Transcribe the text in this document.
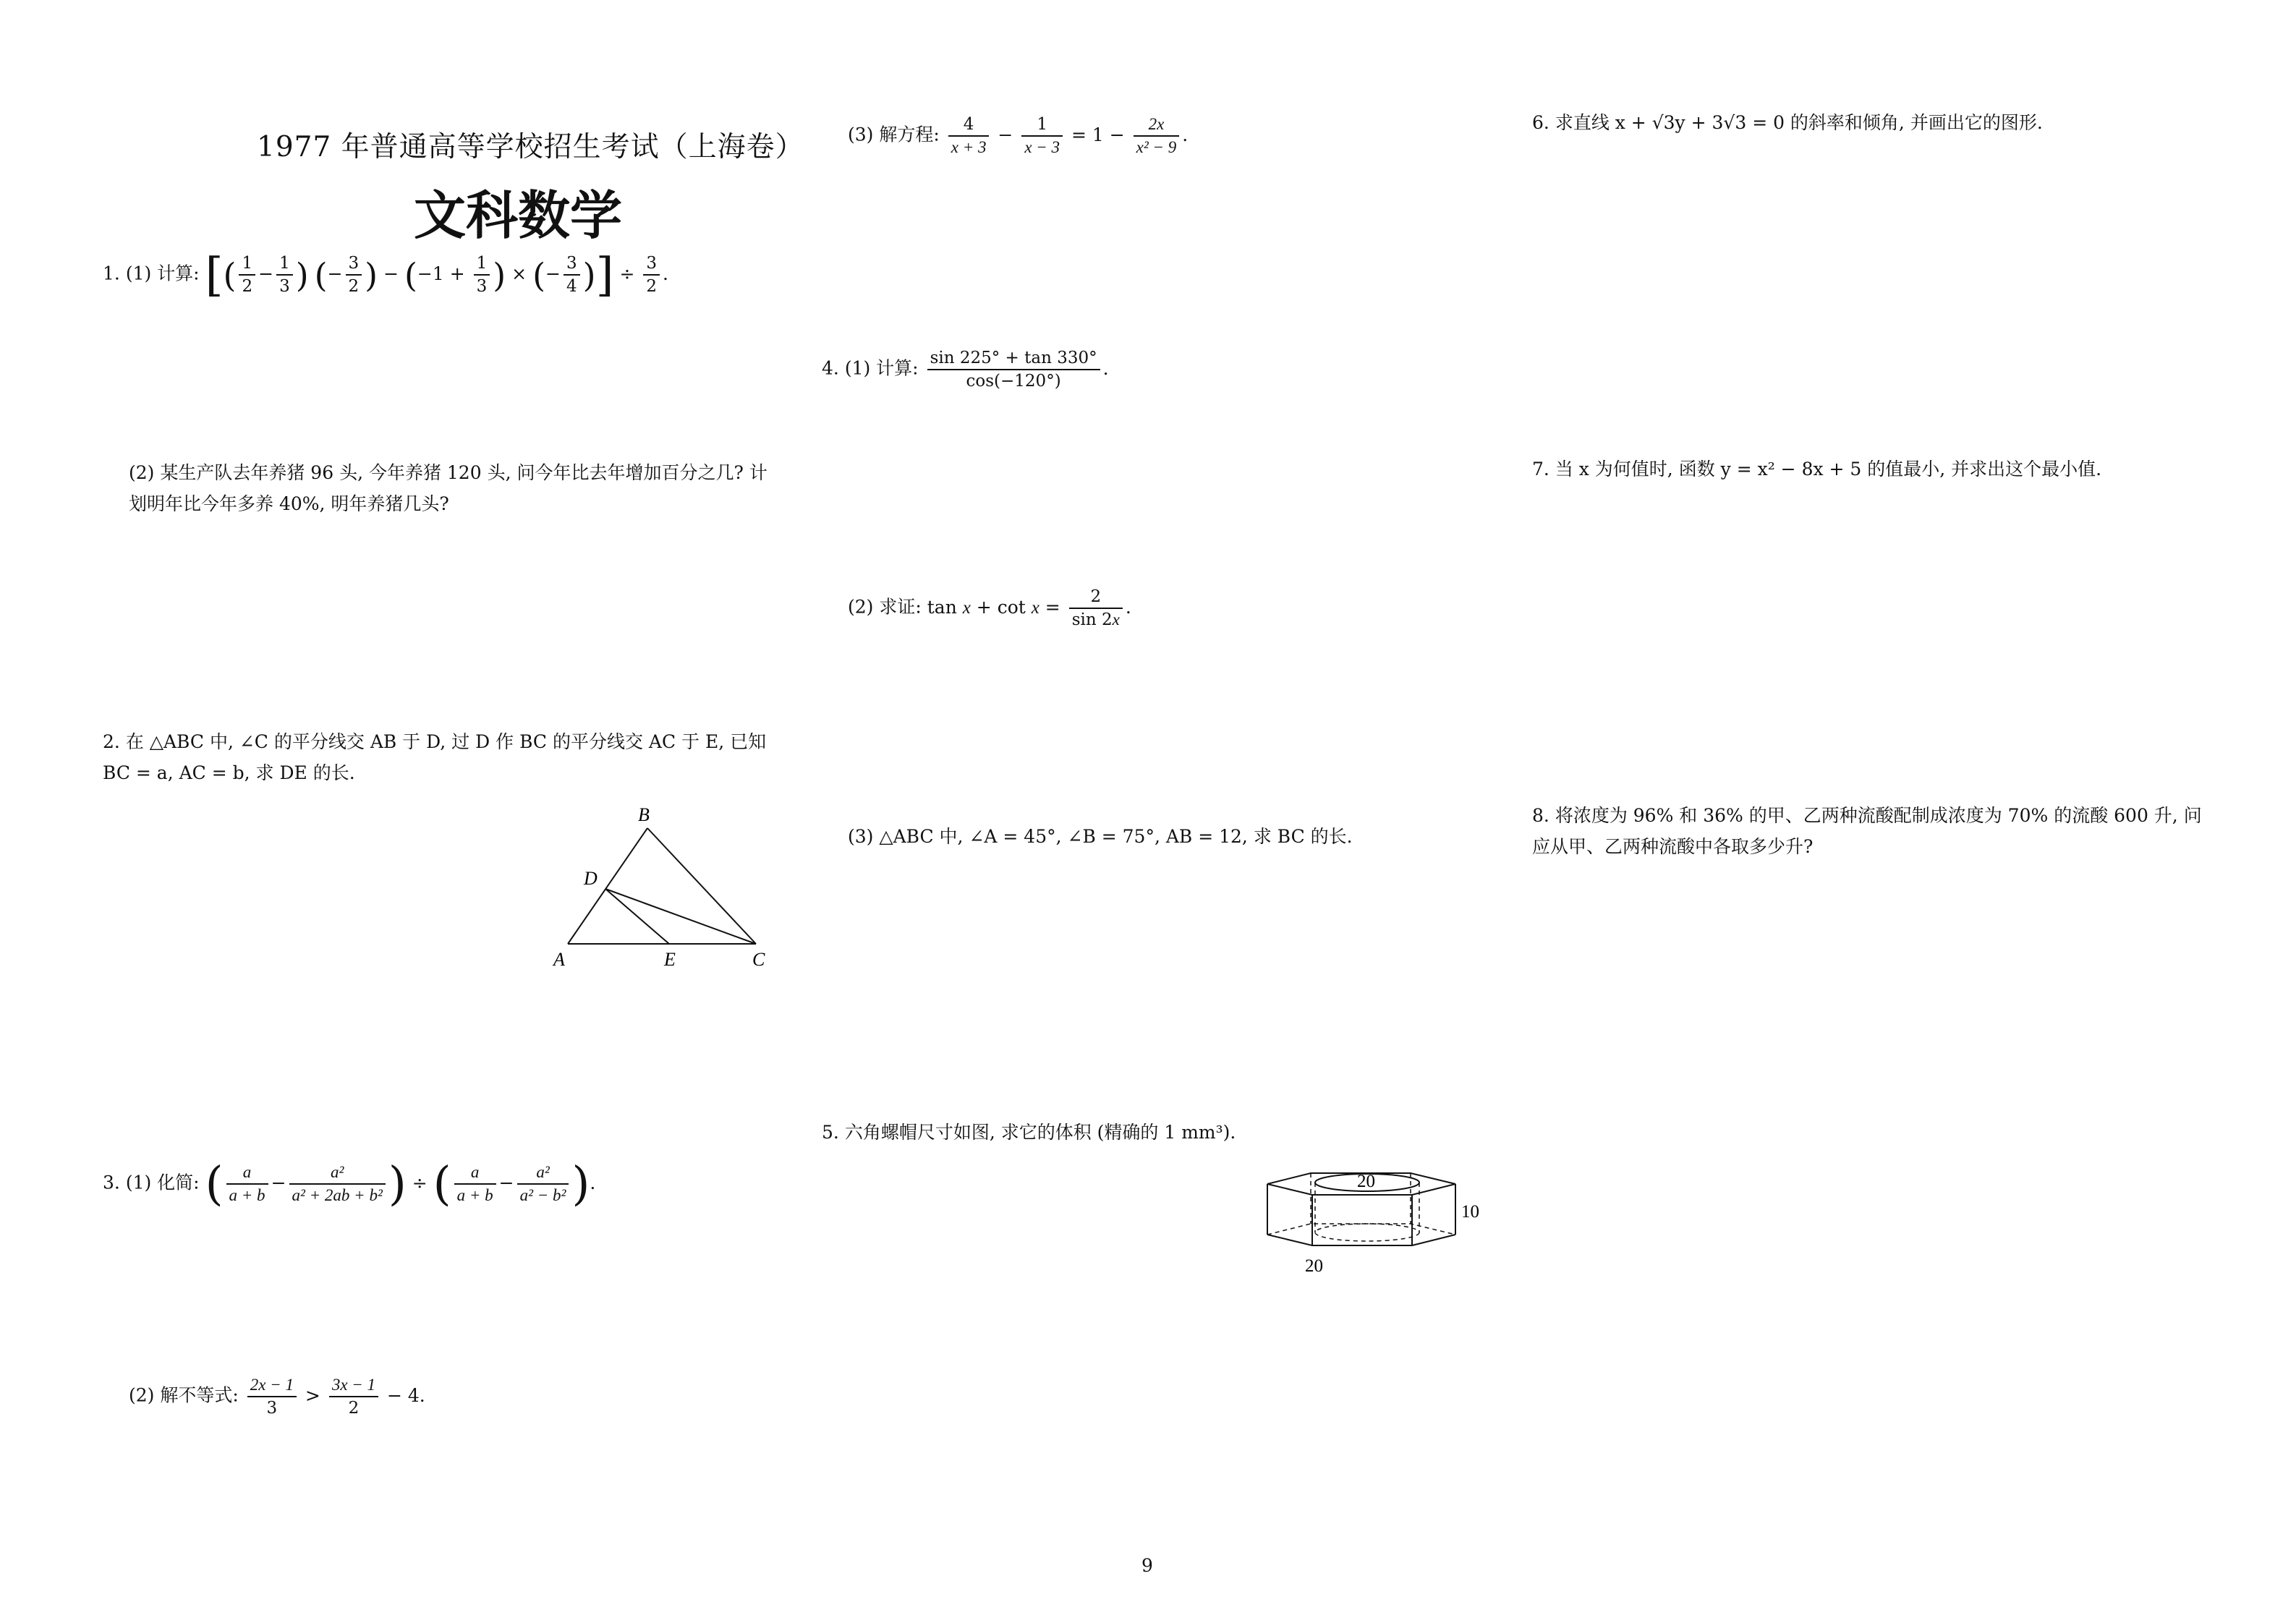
1977 年普通高等学校招生考试（上海卷）
文科数学
1. (1) 计算: [( $\frac{1}{2} - \frac{1}{3}$ ) (− $\frac{3}{2}$ ) − ($-1 + \frac{1}{3}$ ) × (− $\frac{3}{4}$ )] ÷ $\frac{3}{2}$ .
(2) 某生产队去年养猪 96 头, 今年养猪 120 头, 问今年比去年增加百分之几? 计划明年比今年多养 40%, 明年养猪几头?
2. 在 △ABC 中, ∠C 的平分线交 AB 于 D, 过 D 作 BC 的平分线交 AC 于 E, 已知 BC = a, AC = b, 求 DE 的长.
B
D
A	E	C
3. (1) 化简: ( $\frac{a}{a + b} - \frac{\text{a²}}{\text{a² + 2ab + b²}}$ ) ÷ ( $\frac{a}{a + b} - \frac{\text{a²}}{\text{a² − b²}}$ ).
(2) 解不等式: $\frac{2x - 1}{3} > \frac{3x - 1}{2} - 4$.
(3) 解方程: $\frac{4}{x + 3} - \frac{1}{x - 3} = 1 - \frac{2x}{\text{x² − 9}}$ .
4. (1) 计算: $\frac{\sin 225^\circ + \tan 330^\circ}{\cos(-120^\circ)}$ .
(2) 求证: $\tan x + \cot x = \frac{2}{\sin 2x}$ .
(3) △ABC 中, ∠A = 45°, ∠B = 75°, AB = 12, 求 BC 的长.
5. 六角螺帽尺寸如图, 求它的体积 (精确的 1 mm³).
20
10
20
6. 求直线 x + √3y + 3√3 = 0 的斜率和倾角, 并画出它的图形.
7. 当 x 为何值时, 函数 y = x² − 8x + 5 的值最小, 并求出这个最小值.
8. 将浓度为 96% 和 36% 的甲、乙两种流酸配制成浓度为 70% 的流酸 600 升, 问应从甲、乙两种流酸中各取多少升?
9
